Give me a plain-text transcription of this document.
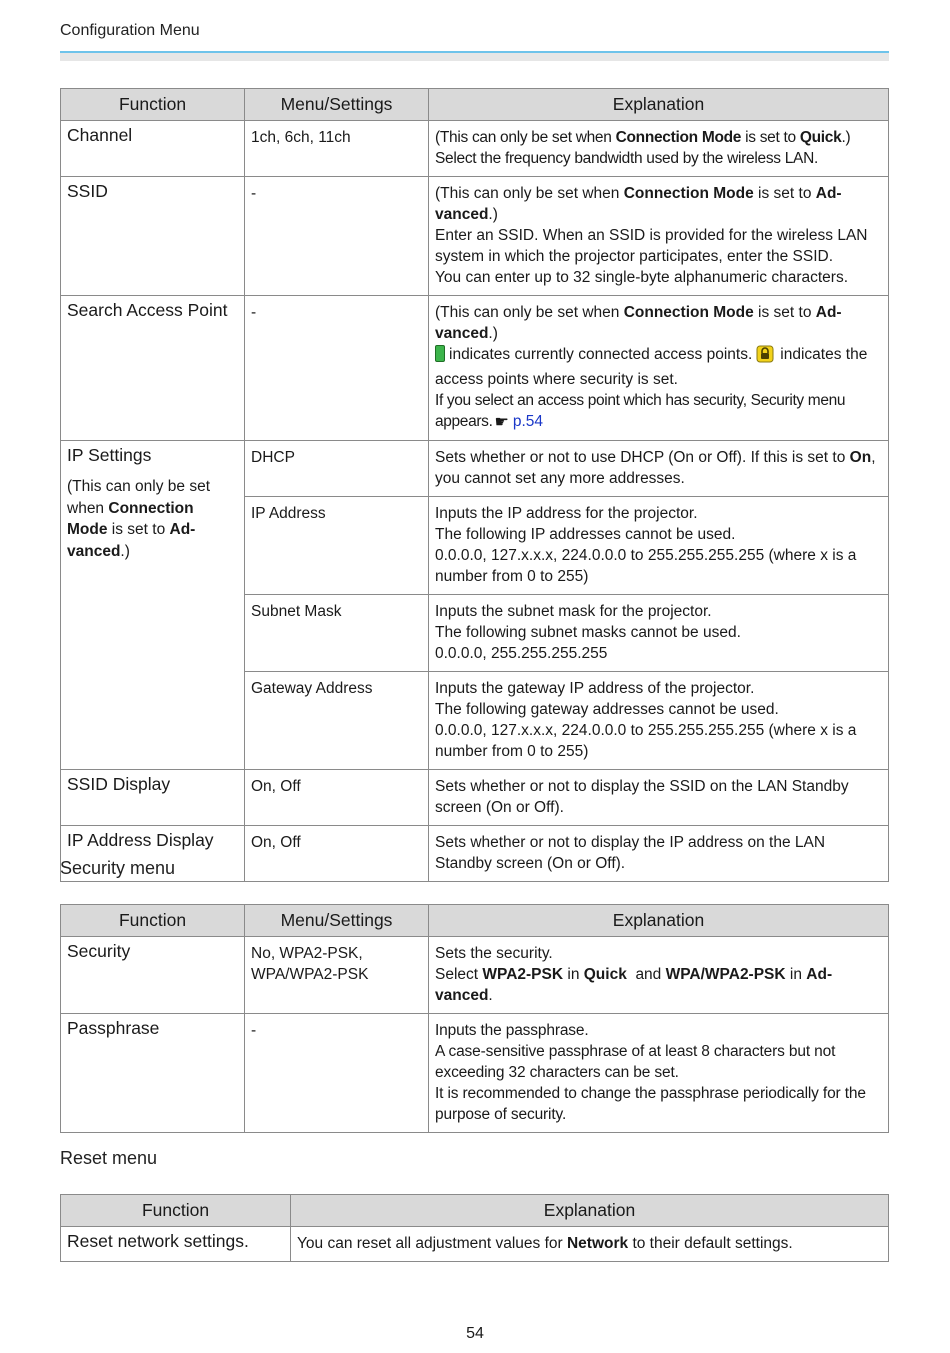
Configuration Menu
Function	Menu/Settings	Explanation
Channel	1ch, 6ch, 11ch	(This can only be set when Connection Mode is set to Quick.)
Select the frequency bandwidth used by the wireless LAN.
SSID	-	(This can only be set when Connection Mode is set to Ad-vanced.)
Enter an SSID. When an SSID is provided for the wireless LAN system in which the projector participates, enter the SSID.
You can enter up to 32 single-byte alphanumeric characters.
Search Access Point	-	(This can only be set when Connection Mode is set to Ad-vanced.)
indicates currently connected access points. indicates the access points where security is set.
If you select an access point which has security, Security menu appears. ☛ p.54

IP Settings
(This can only be set when Connection Mode is set to Ad-vanced.)	DHCP	Sets whether or not to use DHCP (On or Off). If this is set to On, you cannot set any more addresses.
	IP Address	Inputs the IP address for the projector.
The following IP addresses cannot be used.
0.0.0.0, 127.x.x.x, 224.0.0.0 to 255.255.255.255 (where x is a number from 0 to 255)
	Subnet Mask	Inputs the subnet mask for the projector.
The following subnet masks cannot be used.
0.0.0.0, 255.255.255.255
	Gateway Address	Inputs the gateway IP address of the projector.
The following gateway addresses cannot be used.
0.0.0.0, 127.x.x.x, 224.0.0.0 to 255.255.255.255 (where x is a number from 0 to 255)
SSID Display	On, Off	Sets whether or not to display the SSID on the LAN Standby screen (On or Off).
IP Address Display	On, Off	Sets whether or not to display the IP address on the LAN Standby screen (On or Off).
Security menu
Function	Menu/Settings	Explanation
Security	No, WPA2-PSK, WPA/WPA2-PSK	Sets the security.
Select WPA2-PSK in Quick  and WPA/WPA2-PSK in Ad-vanced.
Passphrase	-	Inputs the passphrase.
A case-sensitive passphrase of at least 8 characters but not exceeding 32 characters can be set.
It is recommended to change the passphrase periodically for the purpose of security.
Reset menu
Function	Explanation
Reset network settings.	You can reset all adjustment values for Network to their default settings.
54
